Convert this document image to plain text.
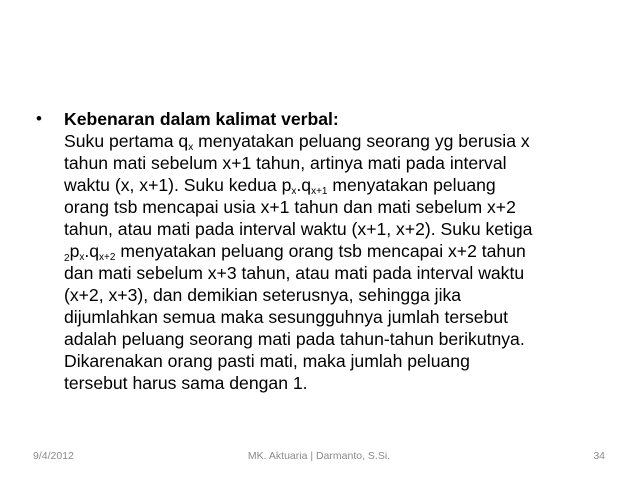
•	Kebenaran dalam kalimat verbal:
Suku pertama $q_x$ menyatakan peluang seorang yg berusia x
tahun mati sebelum x+1 tahun, artinya mati pada interval
waktu (x, x+1). Suku kedua $p_x.q_{x+1}$ menyatakan peluang
orang tsb mencapai usia x+1 tahun dan mati sebelum x+2
tahun, atau mati pada interval waktu (x+1, x+2). Suku ketiga
$_2p_x.q_{x+2}$ menyatakan peluang orang tsb mencapai x+2 tahun
dan mati sebelum x+3 tahun, atau mati pada interval waktu
(x+2, x+3), dan demikian seterusnya, sehingga jika
dijumlahkan semua maka sesungguhnya jumlah tersebut
adalah peluang seorang mati pada tahun-tahun berikutnya.
Dikarenakan orang pasti mati, maka jumlah peluang
tersebut harus sama dengan 1.
9/4/2012	MK. Aktuaria | Darmanto, S.Si.	34
